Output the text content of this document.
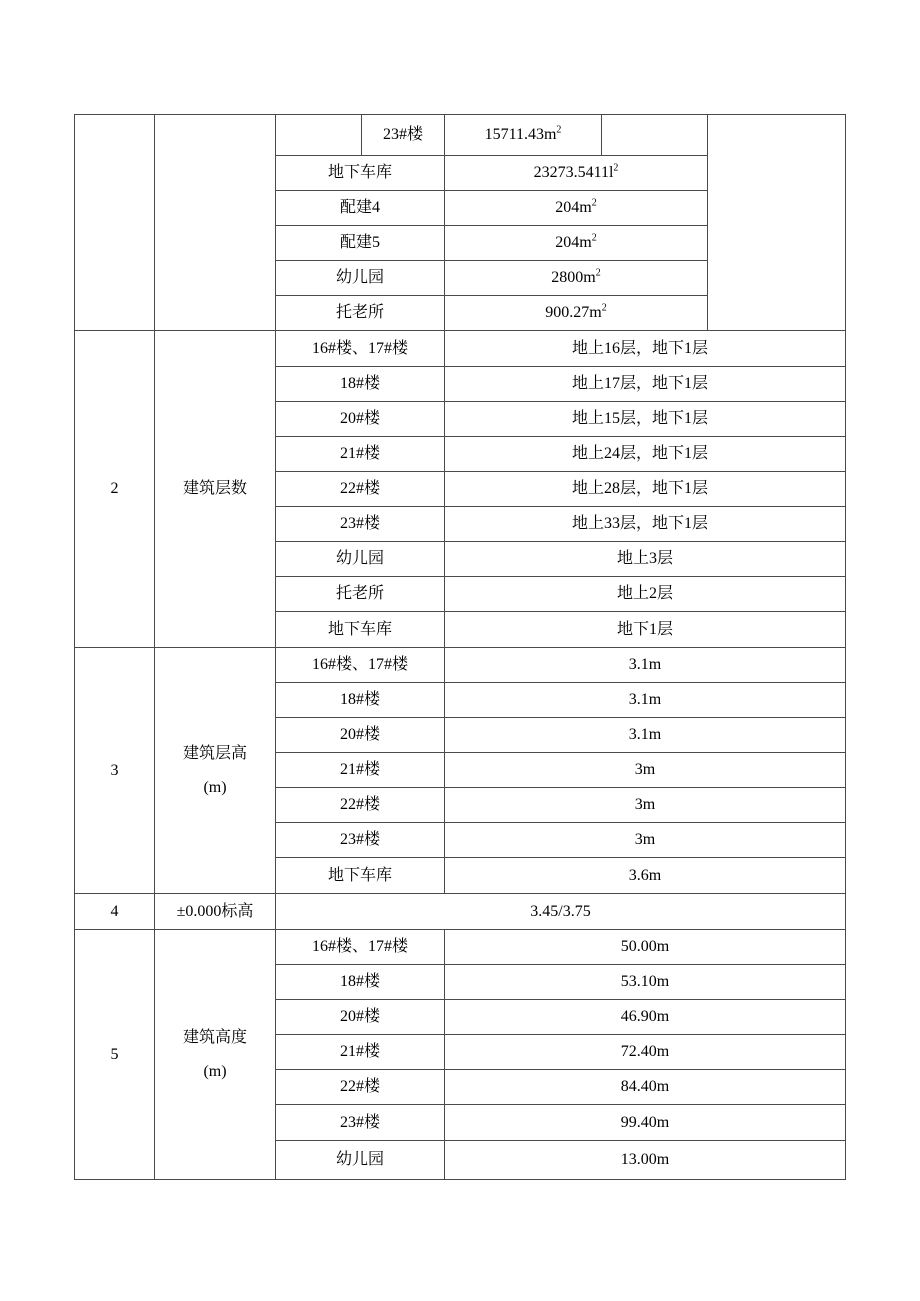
23#楼	$15711.43m^2$
地下车库	$23273.5411l^2$
配建4	$204m^2$
配建5	$204m^2$
幼儿园	$2800m^2$
托老所	$900.27m^2$
2	建筑层数
16#楼、17#楼	地上16层，地下1层
18#楼	地上17层，地下1层
20#楼	地上15层，地下1层
21#楼	地上24层，地下1层
22#楼	地上28层，地下1层
23#楼	地上33层，地下1层
幼儿园	地上3层
托老所	地上2层
地下车库	地下1层
3
建筑层高
(m)
16#楼、17#楼	3.1m
18#楼	3.1m
20#楼	3.1m
21#楼	3m
22#楼	3m
23#楼	3m
地下车库	3.6m
4	±0.000标高	3.45/3.75
5
建筑高度
(m)
16#楼、17#楼	50.00m
18#楼	53.10m
20#楼	46.90m
21#楼	72.40m
22#楼	84.40m
23#楼	99.40m
幼儿园	13.00m
